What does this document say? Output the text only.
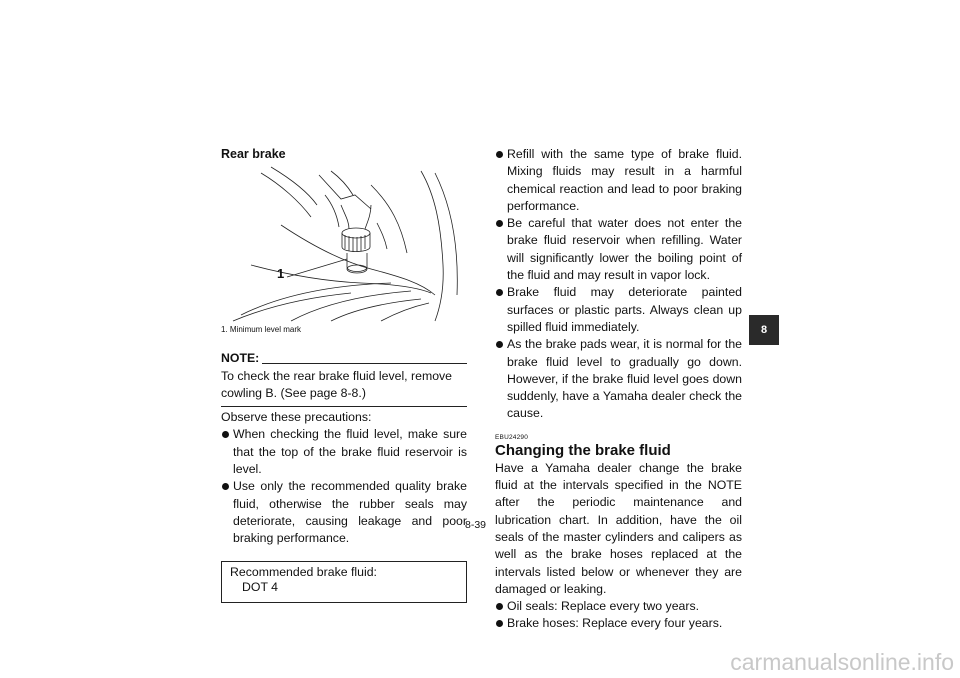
Rear brake

1
1. Minimum level mark
NOTE:
To check the rear brake fluid level, remove cowling B. (See page 8-8.)
Observe these precautions:
When checking the fluid level, make sure that the top of the brake fluid reservoir is level.
Use only the recommended quality brake fluid, otherwise the rubber seals may deteriorate, causing leakage and poor braking performance.
Recommended brake fluid:
DOT 4
Refill with the same type of brake fluid. Mixing fluids may result in a harmful chemical reaction and lead to poor braking performance.
Be careful that water does not enter the brake fluid reservoir when refilling. Water will significantly lower the boiling point of the fluid and may result in vapor lock.
Brake fluid may deteriorate painted surfaces or plastic parts. Always clean up spilled fluid immediately.
As the brake pads wear, it is normal for the brake fluid level to gradually go down. However, if the brake fluid level goes down suddenly, have a Yamaha dealer check the cause.
EBU24290

Changing the brake fluid

Have a Yamaha dealer change the brake fluid at the intervals specified in the NOTE after the periodic maintenance and lubrication chart. In addition, have the oil seals of the master cylinders and calipers as well as the brake hoses replaced at the intervals listed below or whenever they are damaged or leaking.
Oil seals: Replace every two years.
Brake hoses: Replace every four years.
8
8-39
carmanualsonline.info
